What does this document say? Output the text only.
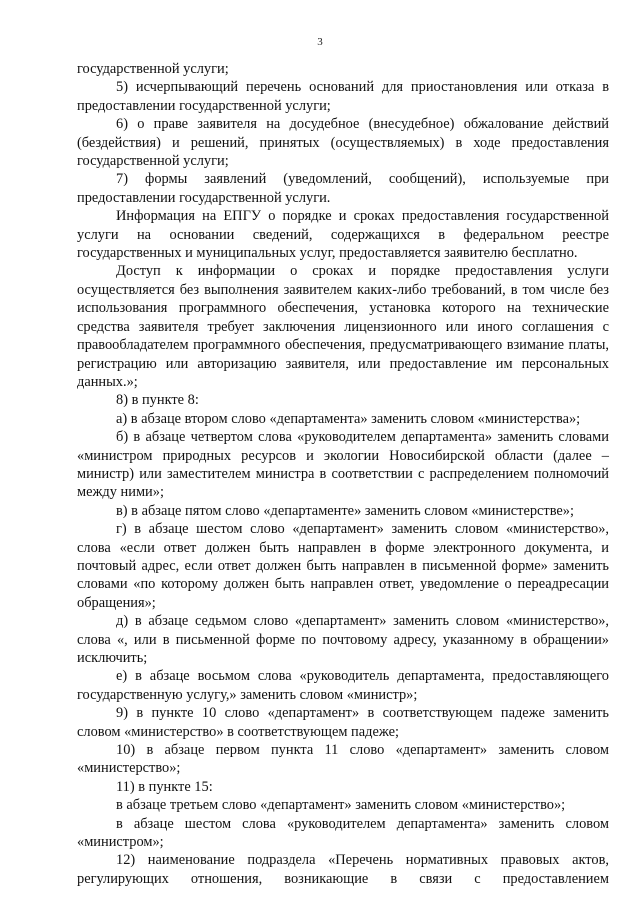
3

государственной услуги;

5) исчерпывающий перечень оснований для приостановления или отказа в предоставлении государственной услуги;

6) о праве заявителя на досудебное (внесудебное) обжалование действий (бездействия) и решений, принятых (осуществляемых) в ходе предоставления государственной услуги;

7) формы заявлений (уведомлений, сообщений), используемые при предоставлении государственной услуги.

Информация на ЕПГУ о порядке и сроках предоставления государственной услуги на основании сведений, содержащихся в федеральном реестре государственных и муниципальных услуг, предоставляется заявителю бесплатно.

Доступ к информации о сроках и порядке предоставления услуги осуществляется без выполнения заявителем каких-либо требований, в том числе без использования программного обеспечения, установка которого на технические средства заявителя требует заключения лицензионного или иного соглашения с правообладателем программного обеспечения, предусматривающего взимание платы, регистрацию или авторизацию заявителя, или предоставление им персональных данных.»;

8) в пункте 8:

а) в абзаце втором слово «департамента» заменить словом «министерства»;

б) в абзаце четвертом слова «руководителем департамента» заменить словами «министром природных ресурсов и экологии Новосибирской области (далее – министр) или заместителем министра в соответствии с распределением полномочий между ними»;

в) в абзаце пятом слово «департаменте» заменить словом «министерстве»;

г) в абзаце шестом слово «департамент» заменить словом «министерство», слова «если ответ должен быть направлен в форме электронного документа, и почтовый адрес, если ответ должен быть направлен в письменной форме» заменить словами «по которому должен быть направлен ответ, уведомление о переадресации обращения»;

д) в абзаце седьмом слово «департамент» заменить словом «министерство», слова «, или в письменной форме по почтовому адресу, указанному в обращении» исключить;

е) в абзаце восьмом слова «руководитель департамента, предоставляющего государственную услугу,» заменить словом «министр»;

9) в пункте 10 слово «департамент» в соответствующем падеже заменить словом «министерство» в соответствующем падеже;

10) в абзаце первом пункта 11 слово «департамент» заменить словом «министерство»;

11) в пункте 15:

в абзаце третьем слово «департамент» заменить словом «министерство»;

в абзаце шестом слова «руководителем департамента» заменить словом «министром»;

12) наименование подраздела «Перечень нормативных правовых актов, регулирующих отношения, возникающие в связи с предоставлением
